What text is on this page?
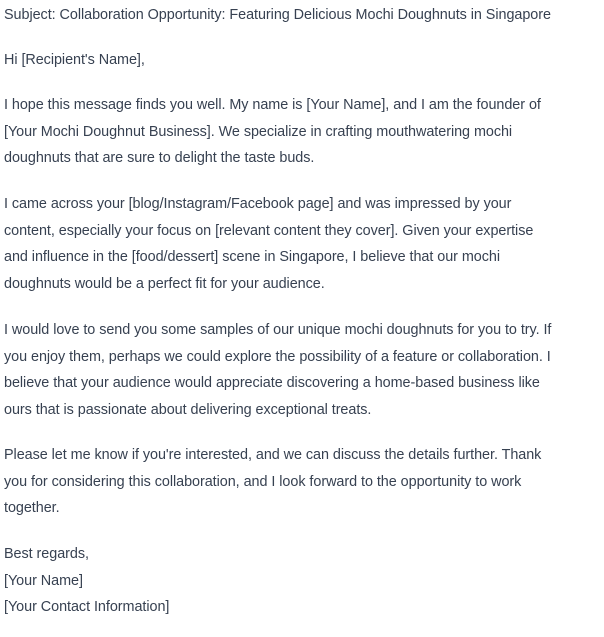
Subject: Collaboration Opportunity: Featuring Delicious Mochi Doughnuts in Singapore
Hi [Recipient's Name],
I hope this message finds you well. My name is [Your Name], and I am the founder of
[Your Mochi Doughnut Business]. We specialize in crafting mouthwatering mochi
doughnuts that are sure to delight the taste buds.
I came across your [blog/Instagram/Facebook page] and was impressed by your
content, especially your focus on [relevant content they cover]. Given your expertise
and influence in the [food/dessert] scene in Singapore, I believe that our mochi
doughnuts would be a perfect fit for your audience.
I would love to send you some samples of our unique mochi doughnuts for you to try. If
you enjoy them, perhaps we could explore the possibility of a feature or collaboration. I
believe that your audience would appreciate discovering a home-based business like
ours that is passionate about delivering exceptional treats.
Please let me know if you're interested, and we can discuss the details further. Thank
you for considering this collaboration, and I look forward to the opportunity to work
together.
Best regards,
[Your Name]
[Your Contact Information]
